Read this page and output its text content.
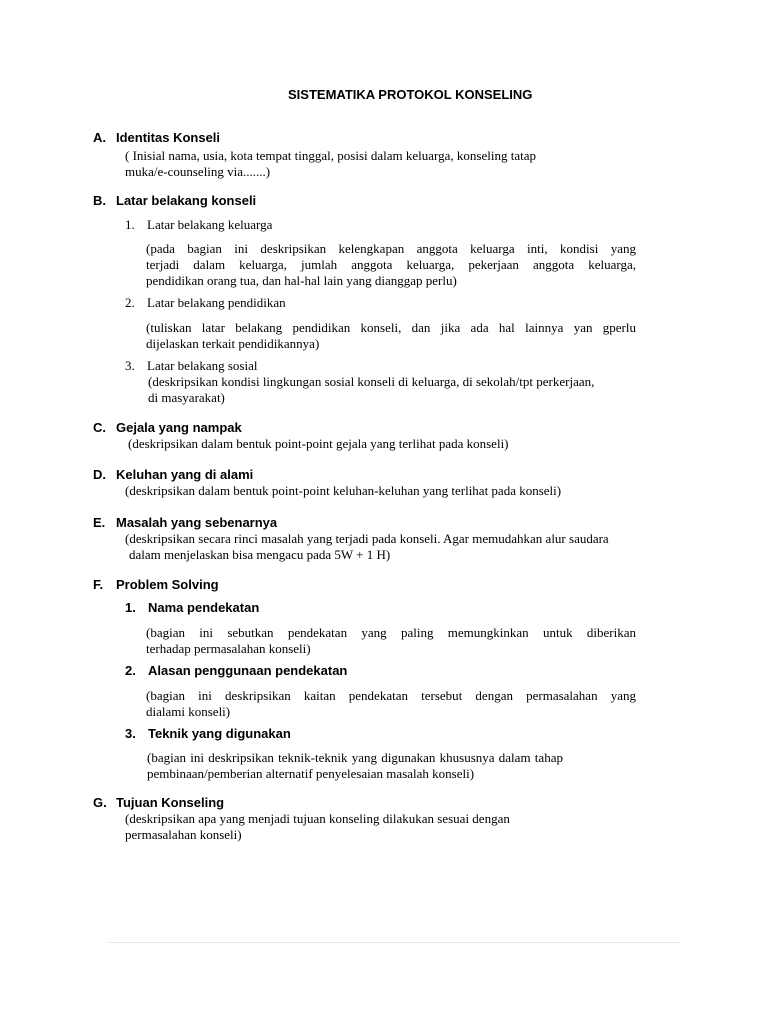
SISTEMATIKA PROTOKOL KONSELING
A. Identitas Konseli
( Inisial nama, usia, kota tempat tinggal, posisi dalam keluarga, konseling tatap
muka/e-counseling via.......)
B. Latar belakang konseli
1. Latar belakang keluarga
(pada bagian ini deskripsikan kelengkapan anggota keluarga inti, kondisi yang
terjadi dalam keluarga, jumlah anggota keluarga, pekerjaan anggota keluarga,
pendidikan orang tua, dan hal-hal lain yang dianggap perlu)
2. Latar belakang pendidikan
(tuliskan latar belakang pendidikan konseli, dan jika ada hal lainnya yan gperlu
dijelaskan terkait pendidikannya)
3. Latar belakang sosial
(deskripsikan kondisi lingkungan sosial konseli di keluarga, di sekolah/tpt perkerjaan,
di masyarakat)
C. Gejala yang nampak
(deskripsikan dalam bentuk point-point gejala yang terlihat pada konseli)
D. Keluhan yang di alami
(deskripsikan dalam bentuk point-point keluhan-keluhan yang terlihat pada konseli)
E. Masalah yang sebenarnya
(deskripsikan secara rinci masalah yang terjadi pada konseli. Agar memudahkan alur saudara
dalam menjelaskan bisa mengacu pada 5W + 1 H)
F. Problem Solving
1. Nama pendekatan
(bagian ini sebutkan pendekatan yang paling memungkinkan untuk diberikan
terhadap permasalahan konseli)
2. Alasan penggunaan pendekatan
(bagian ini deskripsikan kaitan pendekatan tersebut dengan permasalahan yang
dialami konseli)
3. Teknik yang digunakan
(bagian ini deskripsikan teknik-teknik yang digunakan khususnya dalam tahap
pembinaan/pemberian alternatif penyelesaian masalah konseli)
G. Tujuan Konseling
(deskripsikan apa yang menjadi tujuan konseling dilakukan sesuai dengan
permasalahan konseli)
